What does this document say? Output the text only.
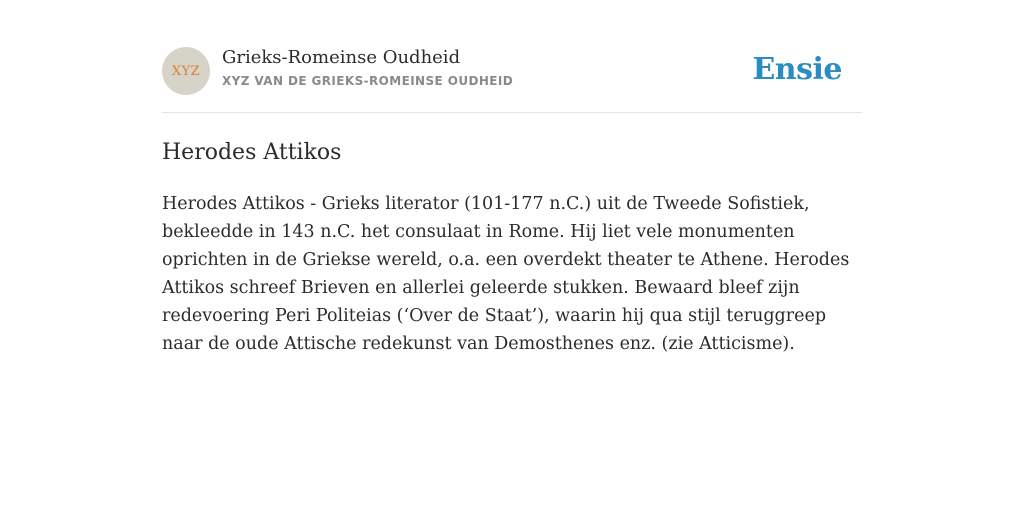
XYZ
Grieks-Romeinse Oudheid
XYZ VAN DE GRIEKS-ROMEINSE OUDHEID	Ensie
Herodes Attikos

Herodes Attikos - Grieks literator (101-177 n.C.) uit de Tweede Sofistiek, bekleedde in 143 n.C. het consulaat in Rome. Hij liet vele monumenten oprichten in de Griekse wereld, o.a. een overdekt theater te Athene. Herodes Attikos schreef Brieven en allerlei geleerde stukken. Bewaard bleef zijn redevoering Peri Politeias (‘Over de Staat’), waarin hij qua stijl teruggreep naar de oude Attische redekunst van Demosthenes enz. (zie Atticisme).
